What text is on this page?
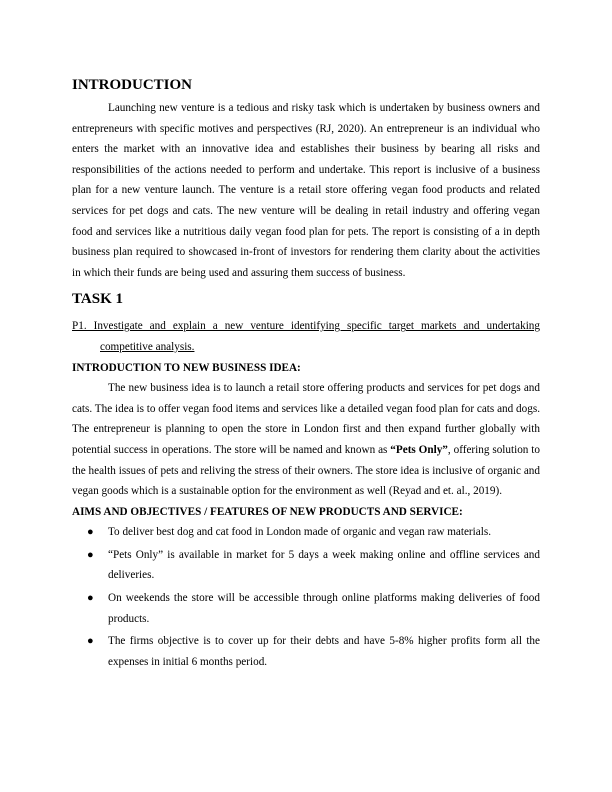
INTRODUCTION

Launching new venture is a tedious and risky task which is undertaken by business owners and entrepreneurs with specific motives and perspectives (RJ, 2020). An entrepreneur is an individual who enters the market with an innovative idea and establishes their business by bearing all risks and responsibilities of the actions needed to perform and undertake. This report is inclusive of a business plan for a new venture launch. The venture is a retail store offering vegan food products and related services for pet dogs and cats. The new venture will be dealing in retail industry and offering vegan food and services like a nutritious daily vegan food plan for pets. The report is consisting of a in depth business plan required to showcased in-front of investors for rendering them clarity about the activities in which their funds are being used and assuring them success of business.

TASK 1

P1. Investigate and explain a new venture identifying specific target markets and undertaking competitive analysis.

INTRODUCTION TO NEW BUSINESS IDEA:

The new business idea is to launch a retail store offering products and services for pet dogs and cats. The idea is to offer vegan food items and services like a detailed vegan food plan for cats and dogs. The entrepreneur is planning to open the store in London first and then expand further globally with potential success in operations. The store will be named and known as “Pets Only”, offering solution to the health issues of pets and reliving the stress of their owners. The store idea is inclusive of organic and vegan goods which is a sustainable option for the environment as well (Reyad and et. al., 2019).

AIMS AND OBJECTIVES / FEATURES OF NEW PRODUCTS AND SERVICE:
● To deliver best dog and cat food in London made of organic and vegan raw materials.
● “Pets Only” is available in market for 5 days a week making online and offline services and deliveries.
● On weekends the store will be accessible through online platforms making deliveries of food products.
● The firms objective is to cover up for their debts and have 5-8% higher profits form all the expenses in initial 6 months period.
